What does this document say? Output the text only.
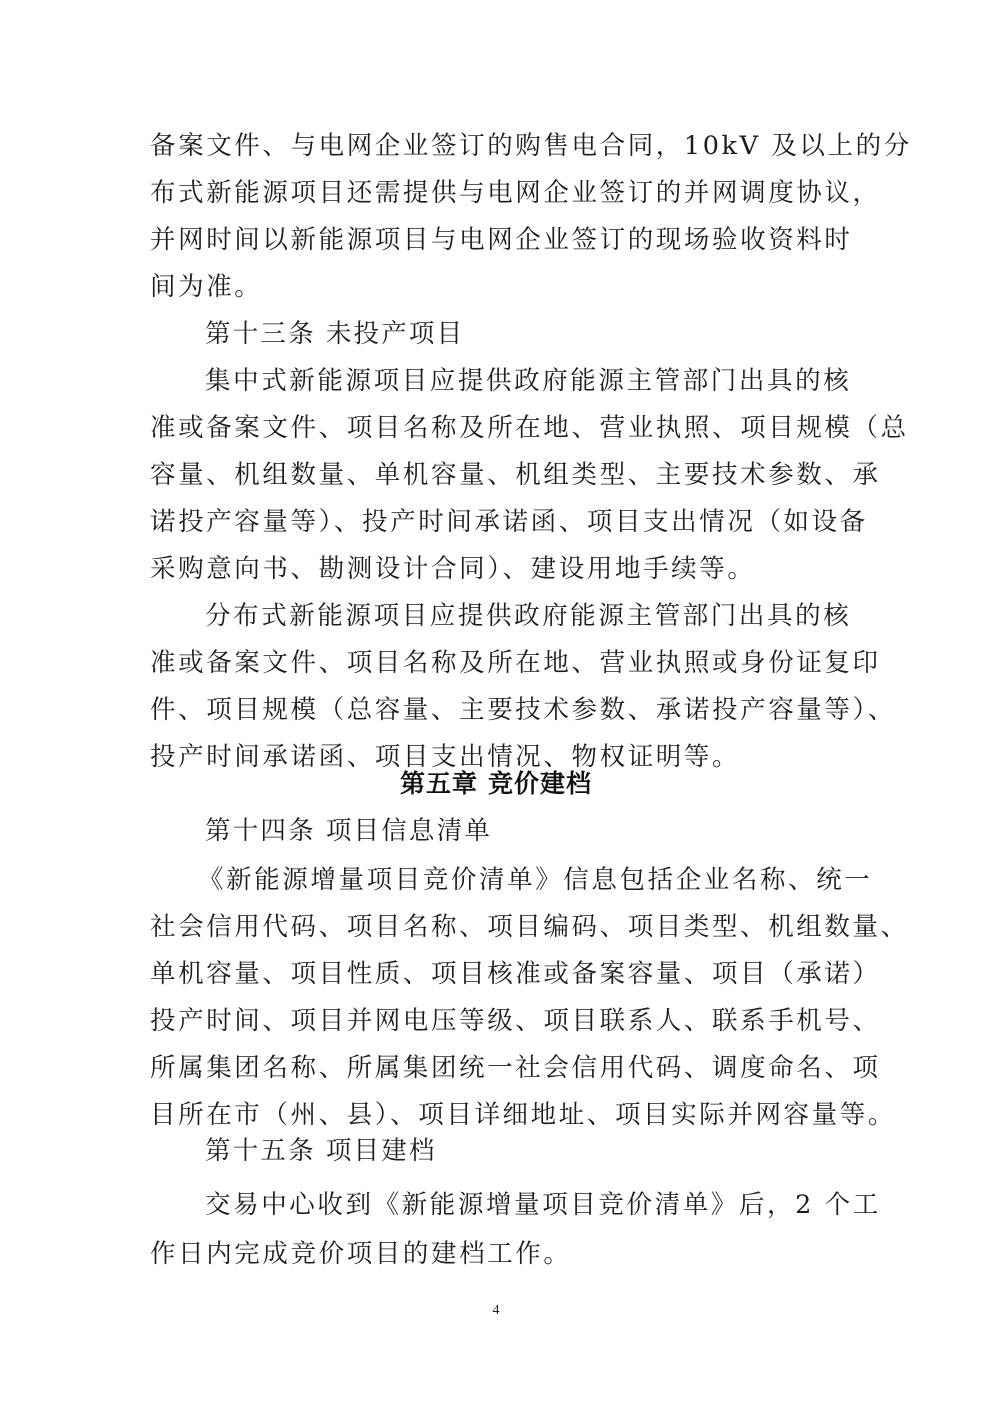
备案文件、与电网企业签订的购售电合同，10kV 及以上的分
布式新能源项目还需提供与电网企业签订的并网调度协议，
并网时间以新能源项目与电网企业签订的现场验收资料时
间为准。
第十三条 未投产项目
集中式新能源项目应提供政府能源主管部门出具的核
准或备案文件、项目名称及所在地、营业执照、项目规模（总
容量、机组数量、单机容量、机组类型、主要技术参数、承
诺投产容量等）、投产时间承诺函、项目支出情况（如设备
采购意向书、勘测设计合同）、建设用地手续等。
分布式新能源项目应提供政府能源主管部门出具的核
准或备案文件、项目名称及所在地、营业执照或身份证复印
件、项目规模（总容量、主要技术参数、承诺投产容量等）、
投产时间承诺函、项目支出情况、物权证明等。
第五章 竞价建档
第十四条 项目信息清单
《新能源增量项目竞价清单》信息包括企业名称、统一
社会信用代码、项目名称、项目编码、项目类型、机组数量、
单机容量、项目性质、项目核准或备案容量、项目（承诺）
投产时间、项目并网电压等级、项目联系人、联系手机号、
所属集团名称、所属集团统一社会信用代码、调度命名、项
目所在市（州、县）、项目详细地址、项目实际并网容量等。
第十五条 项目建档
交易中心收到《新能源增量项目竞价清单》后，2 个工
作日内完成竞价项目的建档工作。
4
